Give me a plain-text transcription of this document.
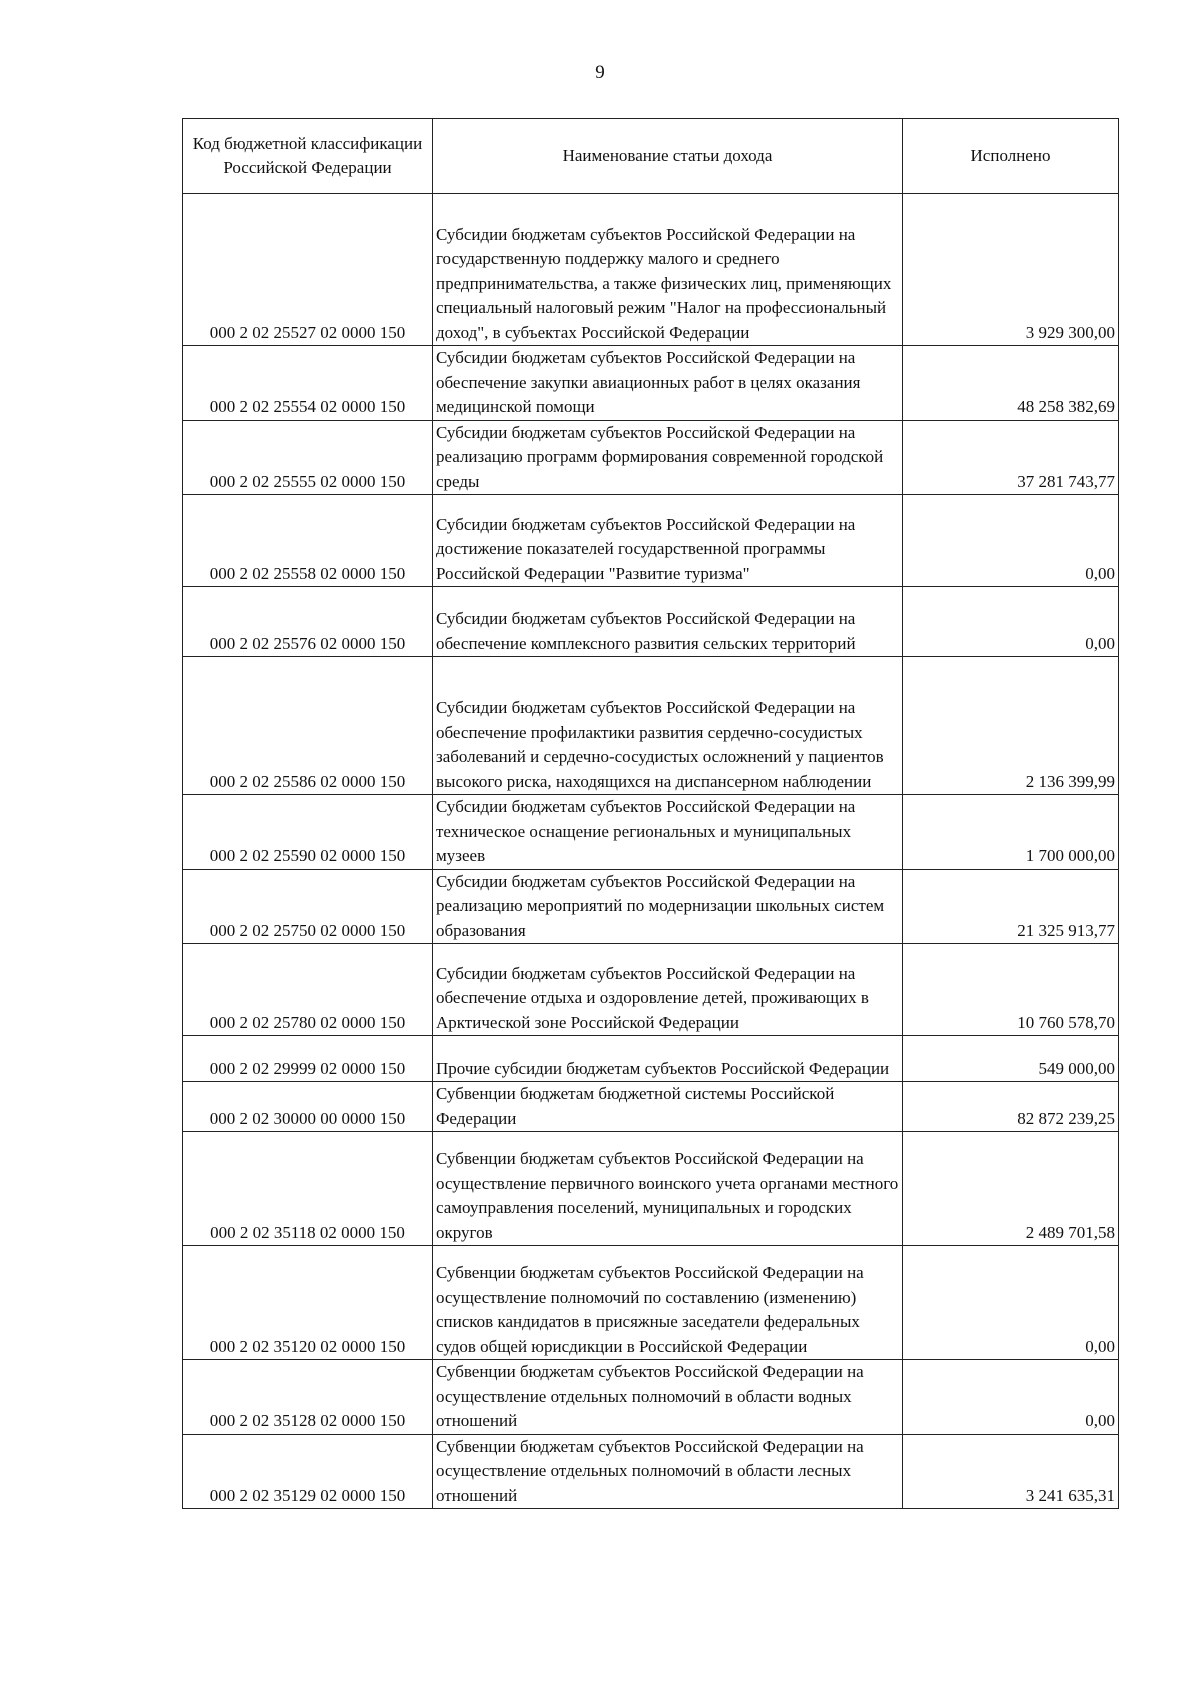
9
Код бюджетной классификации Российской Федерации	Наименование статьи дохода	Исполнено
000 2 02 25527 02 0000 150	Субсидии бюджетам субъектов Российской Федерации на государственную поддержку малого и среднего предпринимательства, а также физических лиц, применяющих специальный налоговый режим "Налог на профессиональный доход", в субъектах Российской Федерации	3 929 300,00
000 2 02 25554 02 0000 150	Субсидии бюджетам субъектов Российской Федерации на обеспечение закупки авиационных работ в целях оказания медицинской помощи	48 258 382,69
000 2 02 25555 02 0000 150	Субсидии бюджетам субъектов Российской Федерации на реализацию программ формирования современной городской среды	37 281 743,77
000 2 02 25558 02 0000 150	Субсидии бюджетам субъектов Российской Федерации на достижение показателей государственной программы Российской Федерации "Развитие туризма"	0,00
000 2 02 25576 02 0000 150	Субсидии бюджетам субъектов Российской Федерации на обеспечение комплексного развития сельских территорий	0,00
000 2 02 25586 02 0000 150	Субсидии бюджетам субъектов Российской Федерации на обеспечение профилактики развития сердечно-сосудистых заболеваний и сердечно-сосудистых осложнений у пациентов высокого риска, находящихся на диспансерном наблюдении	2 136 399,99
000 2 02 25590 02 0000 150	Субсидии бюджетам субъектов Российской Федерации на техническое оснащение региональных и муниципальных музеев	1 700 000,00
000 2 02 25750 02 0000 150	Субсидии бюджетам субъектов Российской Федерации на реализацию мероприятий по модернизации школьных систем образования	21 325 913,77
000 2 02 25780 02 0000 150	Субсидии бюджетам субъектов Российской Федерации на обеспечение отдыха и оздоровление детей, проживающих в Арктической зоне Российской Федерации	10 760 578,70
000 2 02 29999 02 0000 150	Прочие субсидии бюджетам субъектов Российской Федерации	549 000,00
000 2 02 30000 00 0000 150	Субвенции бюджетам бюджетной системы Российской Федерации	82 872 239,25
000 2 02 35118 02 0000 150	Субвенции бюджетам субъектов Российской Федерации на осуществление первичного воинского учета органами местного самоуправления поселений, муниципальных и городских округов	2 489 701,58
000 2 02 35120 02 0000 150	Субвенции бюджетам субъектов Российской Федерации на осуществление полномочий по составлению (изменению) списков кандидатов в присяжные заседатели федеральных судов общей юрисдикции в Российской Федерации	0,00
000 2 02 35128 02 0000 150	Субвенции бюджетам субъектов Российской Федерации на осуществление отдельных полномочий в области водных отношений	0,00
000 2 02 35129 02 0000 150	Субвенции бюджетам субъектов Российской Федерации на осуществление отдельных полномочий в области лесных отношений	3 241 635,31
